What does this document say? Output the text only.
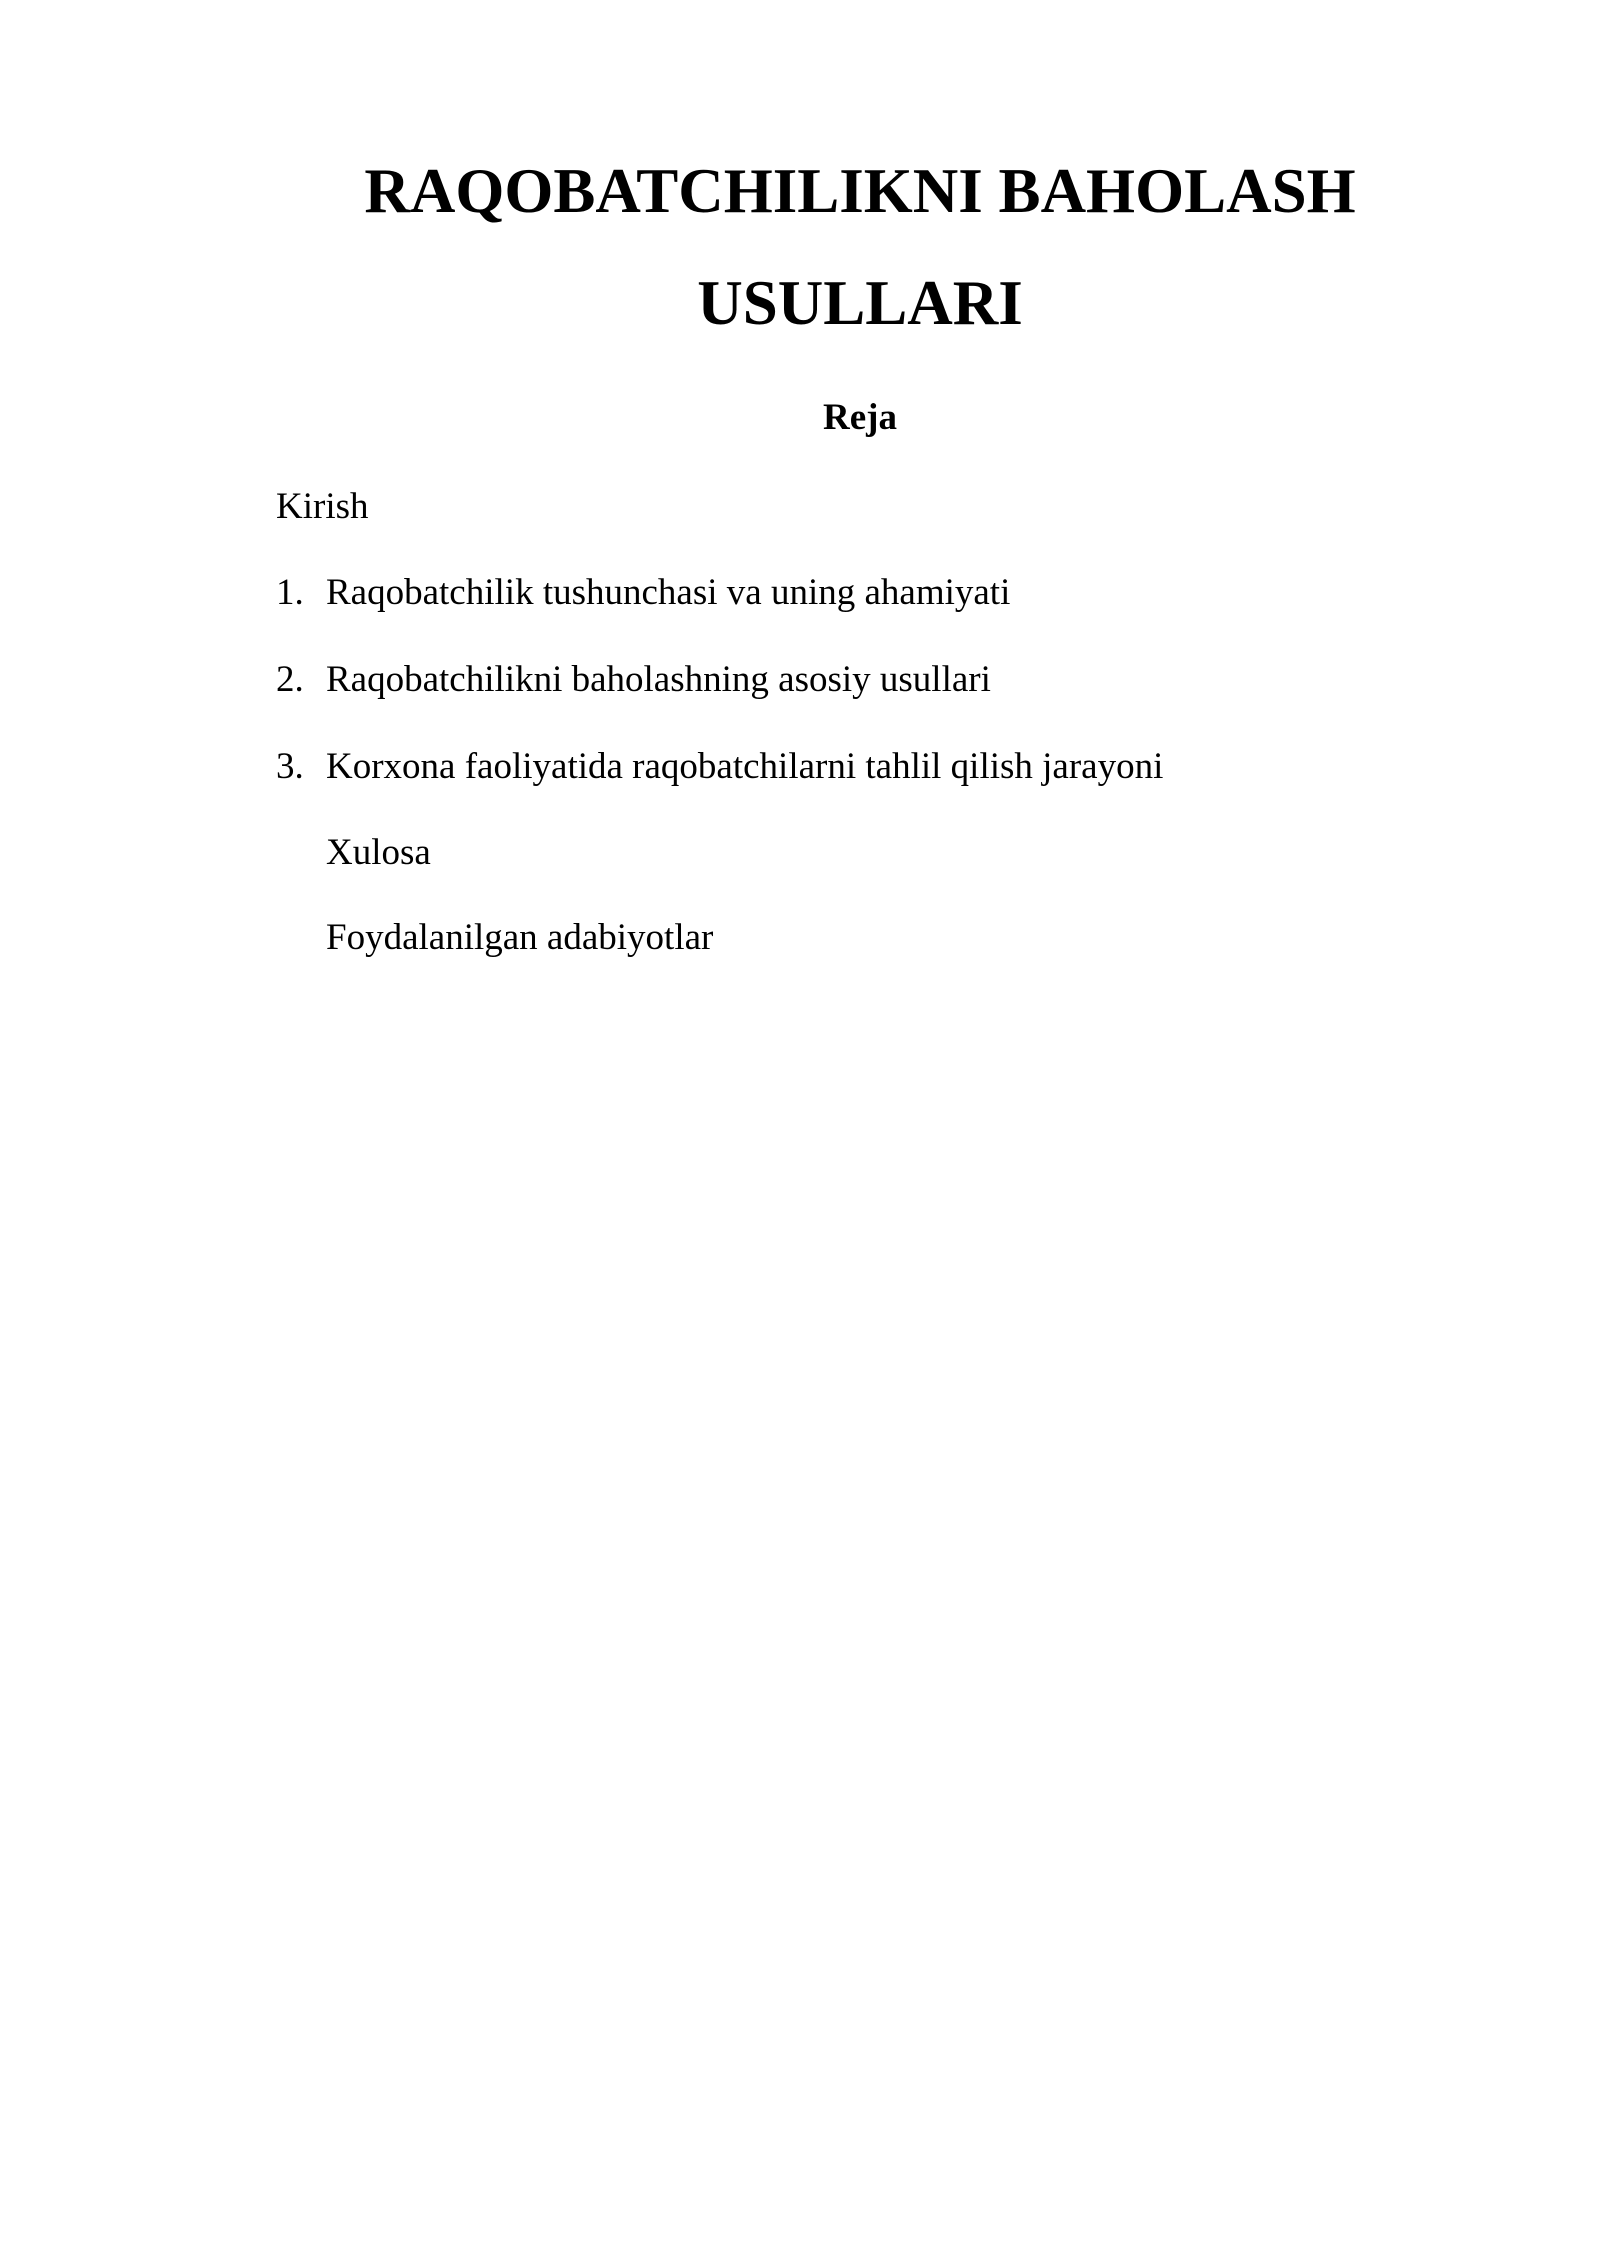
RAQOBATCHILIKNI BAHOLASH
USULLARI
Reja
Kirish
1. Raqobatchilik tushunchasi va uning ahamiyati
2. Raqobatchilikni baholashning asosiy usullari
3. Korxona faoliyatida raqobatchilarni tahlil qilish jarayoni
Xulosa
Foydalanilgan adabiyotlar
